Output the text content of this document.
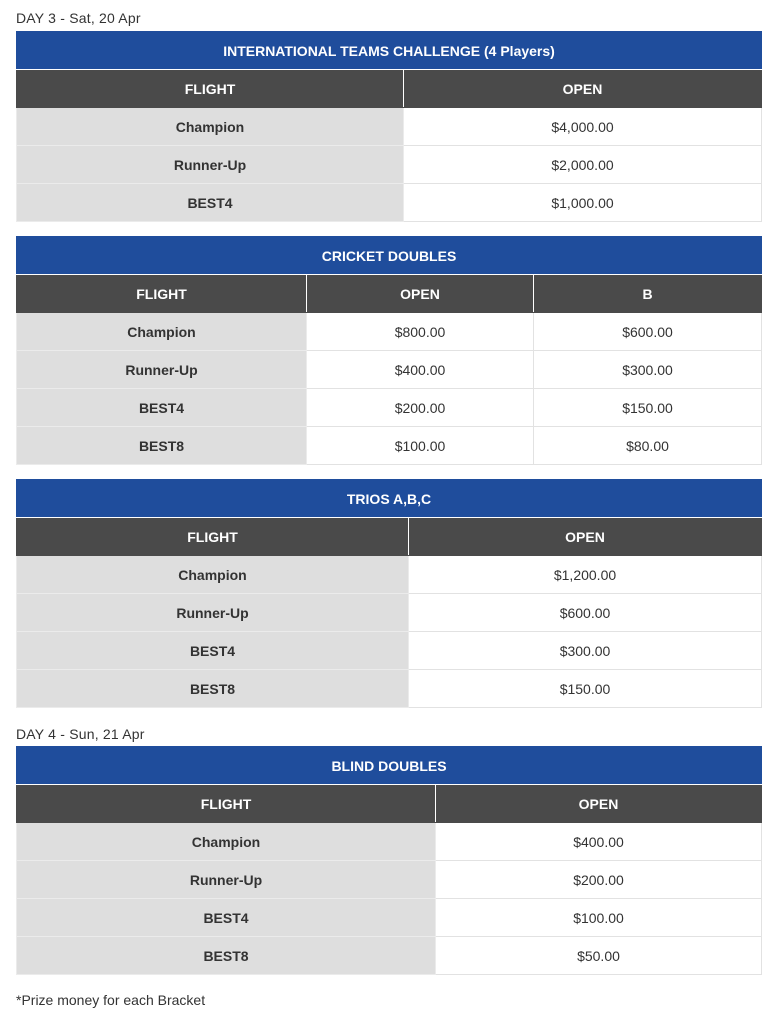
DAY 3 - Sat, 20 Apr
INTERNATIONAL TEAMS CHALLENGE (4 Players)	
FLIGHT	OPEN
Champion	$4,000.00
Runner-Up	$2,000.00
BEST4	$1,000.00
CRICKET DOUBLES		
FLIGHT	OPEN	B
Champion	$800.00	$600.00
Runner-Up	$400.00	$300.00
BEST4	$200.00	$150.00
BEST8	$100.00	$80.00
TRIOS A,B,C	
FLIGHT	OPEN
Champion	$1,200.00
Runner-Up	$600.00
BEST4	$300.00
BEST8	$150.00
DAY 4 - Sun, 21 Apr
BLIND DOUBLES	
FLIGHT	OPEN
Champion	$400.00
Runner-Up	$200.00
BEST4	$100.00
BEST8	$50.00
*Prize money for each Bracket
